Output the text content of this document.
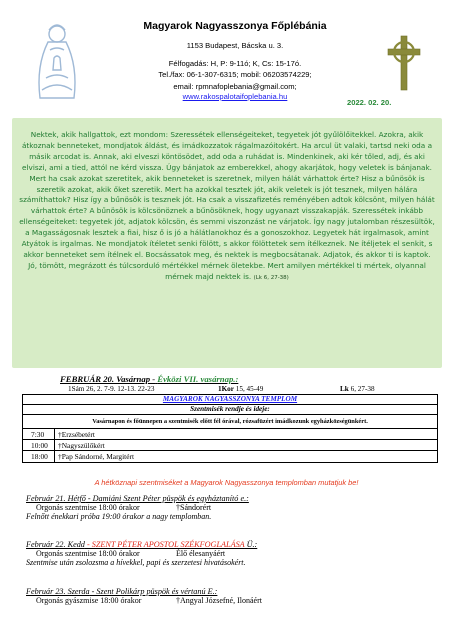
Magyarok Nagyasszonya Főplébánia
1153 Budapest, Bácska u. 3.
Félfogadás: H, P: 9-11ó; K, Cs: 15-17ó.
Tel./fax: 06-1-307-6315; mobil: 06203574229;
email: rpmnafoplebania@gmail.com;
www.rakospalotaifoplebania.hu
2022. 02. 20.
Nektek, akik hallgattok, ezt mondom: Szeressétek ellenségeiteket, tegyetek jót gyűlölőitekkel. Azokra, akik átkoznak benneteket, mondjatok áldást, és imádkozzatok rágalmazóitokért. Ha arcul üt valaki, tartsd neki oda a másik arcodat is. Annak, aki elveszi köntösödet, add oda a ruhádat is. Mindenkinek, aki kér tőled, adj, és aki elviszi, ami a tied, attól ne kérd vissza. Úgy bánjatok az emberekkel, ahogy akarjátok, hogy veletek is bánjanak. Mert ha csak azokat szeretitek, akik benneteket is szeretnek, milyen hálát várhattok érte? Hisz a bűnösök is szeretik azokat, akik őket szeretik. Mert ha azokkal tesztek jót, akik veletek is jót tesznek, milyen hálára számíthattok? Hisz így a bűnösök is tesznek jót. Ha csak a visszafizetés reményében adtok kölcsönt, milyen hálát várhattok érte? A bűnösök is kölcsönöznek a bűnösöknek, hogy ugyanazt visszakapják. Szeressétek inkább ellenségeiteket: tegyetek jót, adjatok kölcsön, és semmi viszonzást ne várjatok. Így nagy jutalomban részesültök, a Magasságosnak lesztek a fiai, hisz ő is jó a hálátlanokhoz és a gonoszokhoz. Legyetek hát irgalmasok, amint Atyátok is irgalmas. Ne mondjatok ítéletet senki fölött, s akkor fölöttetek sem ítélkeznek. Ne ítéljetek el senkit, s akkor benneteket sem ítélnek el. Bocsássatok meg, és nektek is megbocsátanak. Adjatok, és akkor ti is kaptok. Jó, tömött, megrázott és túlcsorduló mértékkel mérnek öletekbe. Mert amilyen mértékkel ti mértek, olyannal mérnek majd nektek is. (Lk 6, 27-38)
FEBRUÁR 20. Vasárnap - Évközi VII. vasárnap.:
1Sám 26, 2. 7-9. 12-13. 22-23	1Kor 15, 45-49	Lk 6, 27-38
MAGYAROK NAGYASSZONYA TEMPLOM
Szentmisék rendje és ideje:
Vasárnapon és főünnepen a szentmisék előtt fél órával, rózsafüzért imádkozunk egyházközségünkért.
7:30	†Erzsébetért
10:00	†Nagyszülőkért
18:00	†Pap Sándorné, Margitért
A hétköznapi szentmiséket a Magyarok Nagyasszonya templomban mutatjuk be!
Február 21. Hétfő - Damiáni Szent Péter püspök és egyháztanító e.:
Orgonás szentmise 18:00 órakor	†Sándorért
Felnőtt énekkari próba 19:00 órakor a nagy templomban.
Február 22. Kedd - SZENT PÉTER APOSTOL SZÉKFOGLALÁSA Ü.:
Orgonás szentmise 18:00 órakor	Élő élesanyáért
Szentmise után zsolozsma a hívekkel, papi és szerzetesi hivatásokért.
Február 23. Szerda - Szent Polikárp püspök és vértanú E.:
Orgonás gyászmise 18:00 órakor	†Angyal Józsefné, Ilonáért
